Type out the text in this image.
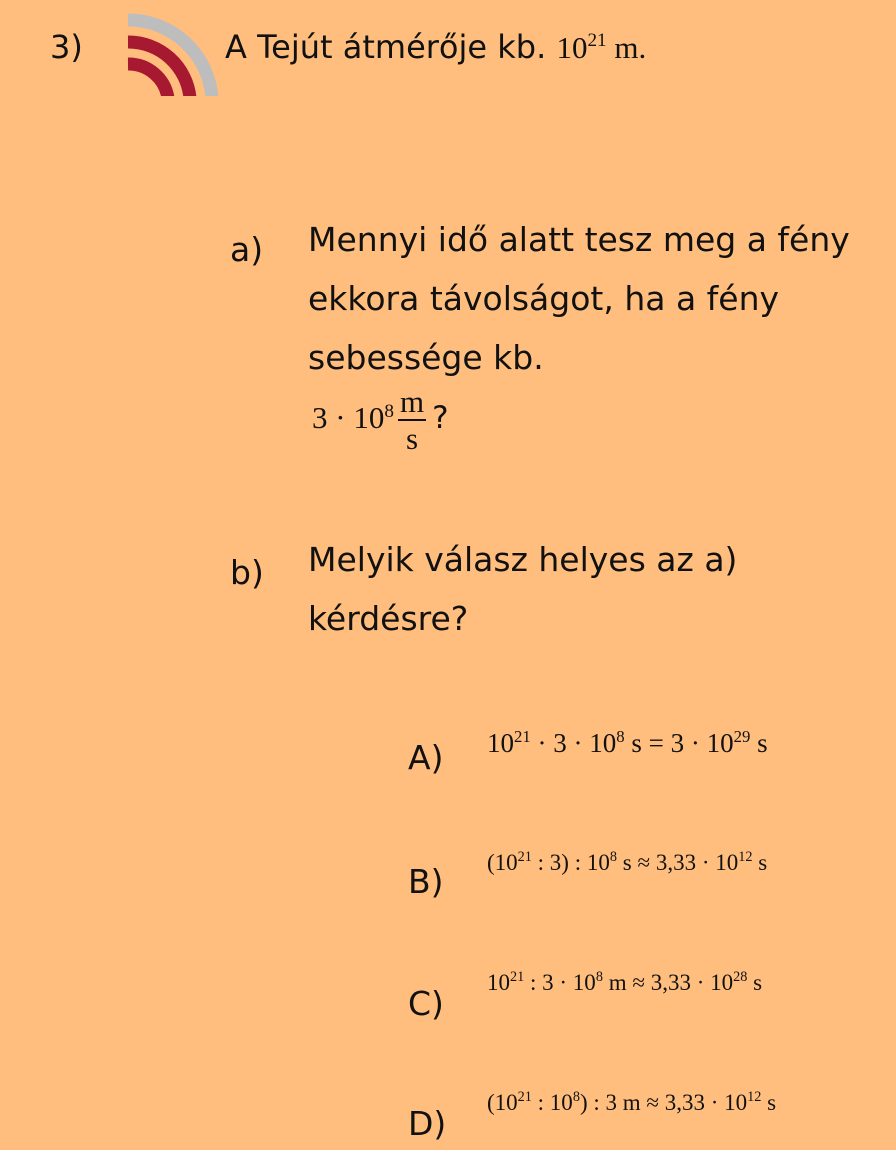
3)	A Tejút átmérője kb. $10^{21}$ m.
a) Mennyi idő alatt tesz meg a fény ekkora távolságot, ha a fény sebessége kb.
$3 \cdot 10^8 \frac{m}{s}$ ?
b) Melyik válasz helyes az a) kérdésre?
A) $10^{21} \cdot 3 \cdot 10^8$ $s = 3 \cdot 10^{29}$ s
B) ($10^{21}$ : 3) : $10^8$ $s \approx 3,33 \cdot 10^{12}$ s
C)
$10^{21}$ : $3 \cdot 10^8$ $m \approx 3,33 \cdot 10^{28}$ s
D)
($10^{21}$ : $10^8$) : 3 $m \approx 3,33 \cdot 10^{12}$ s
